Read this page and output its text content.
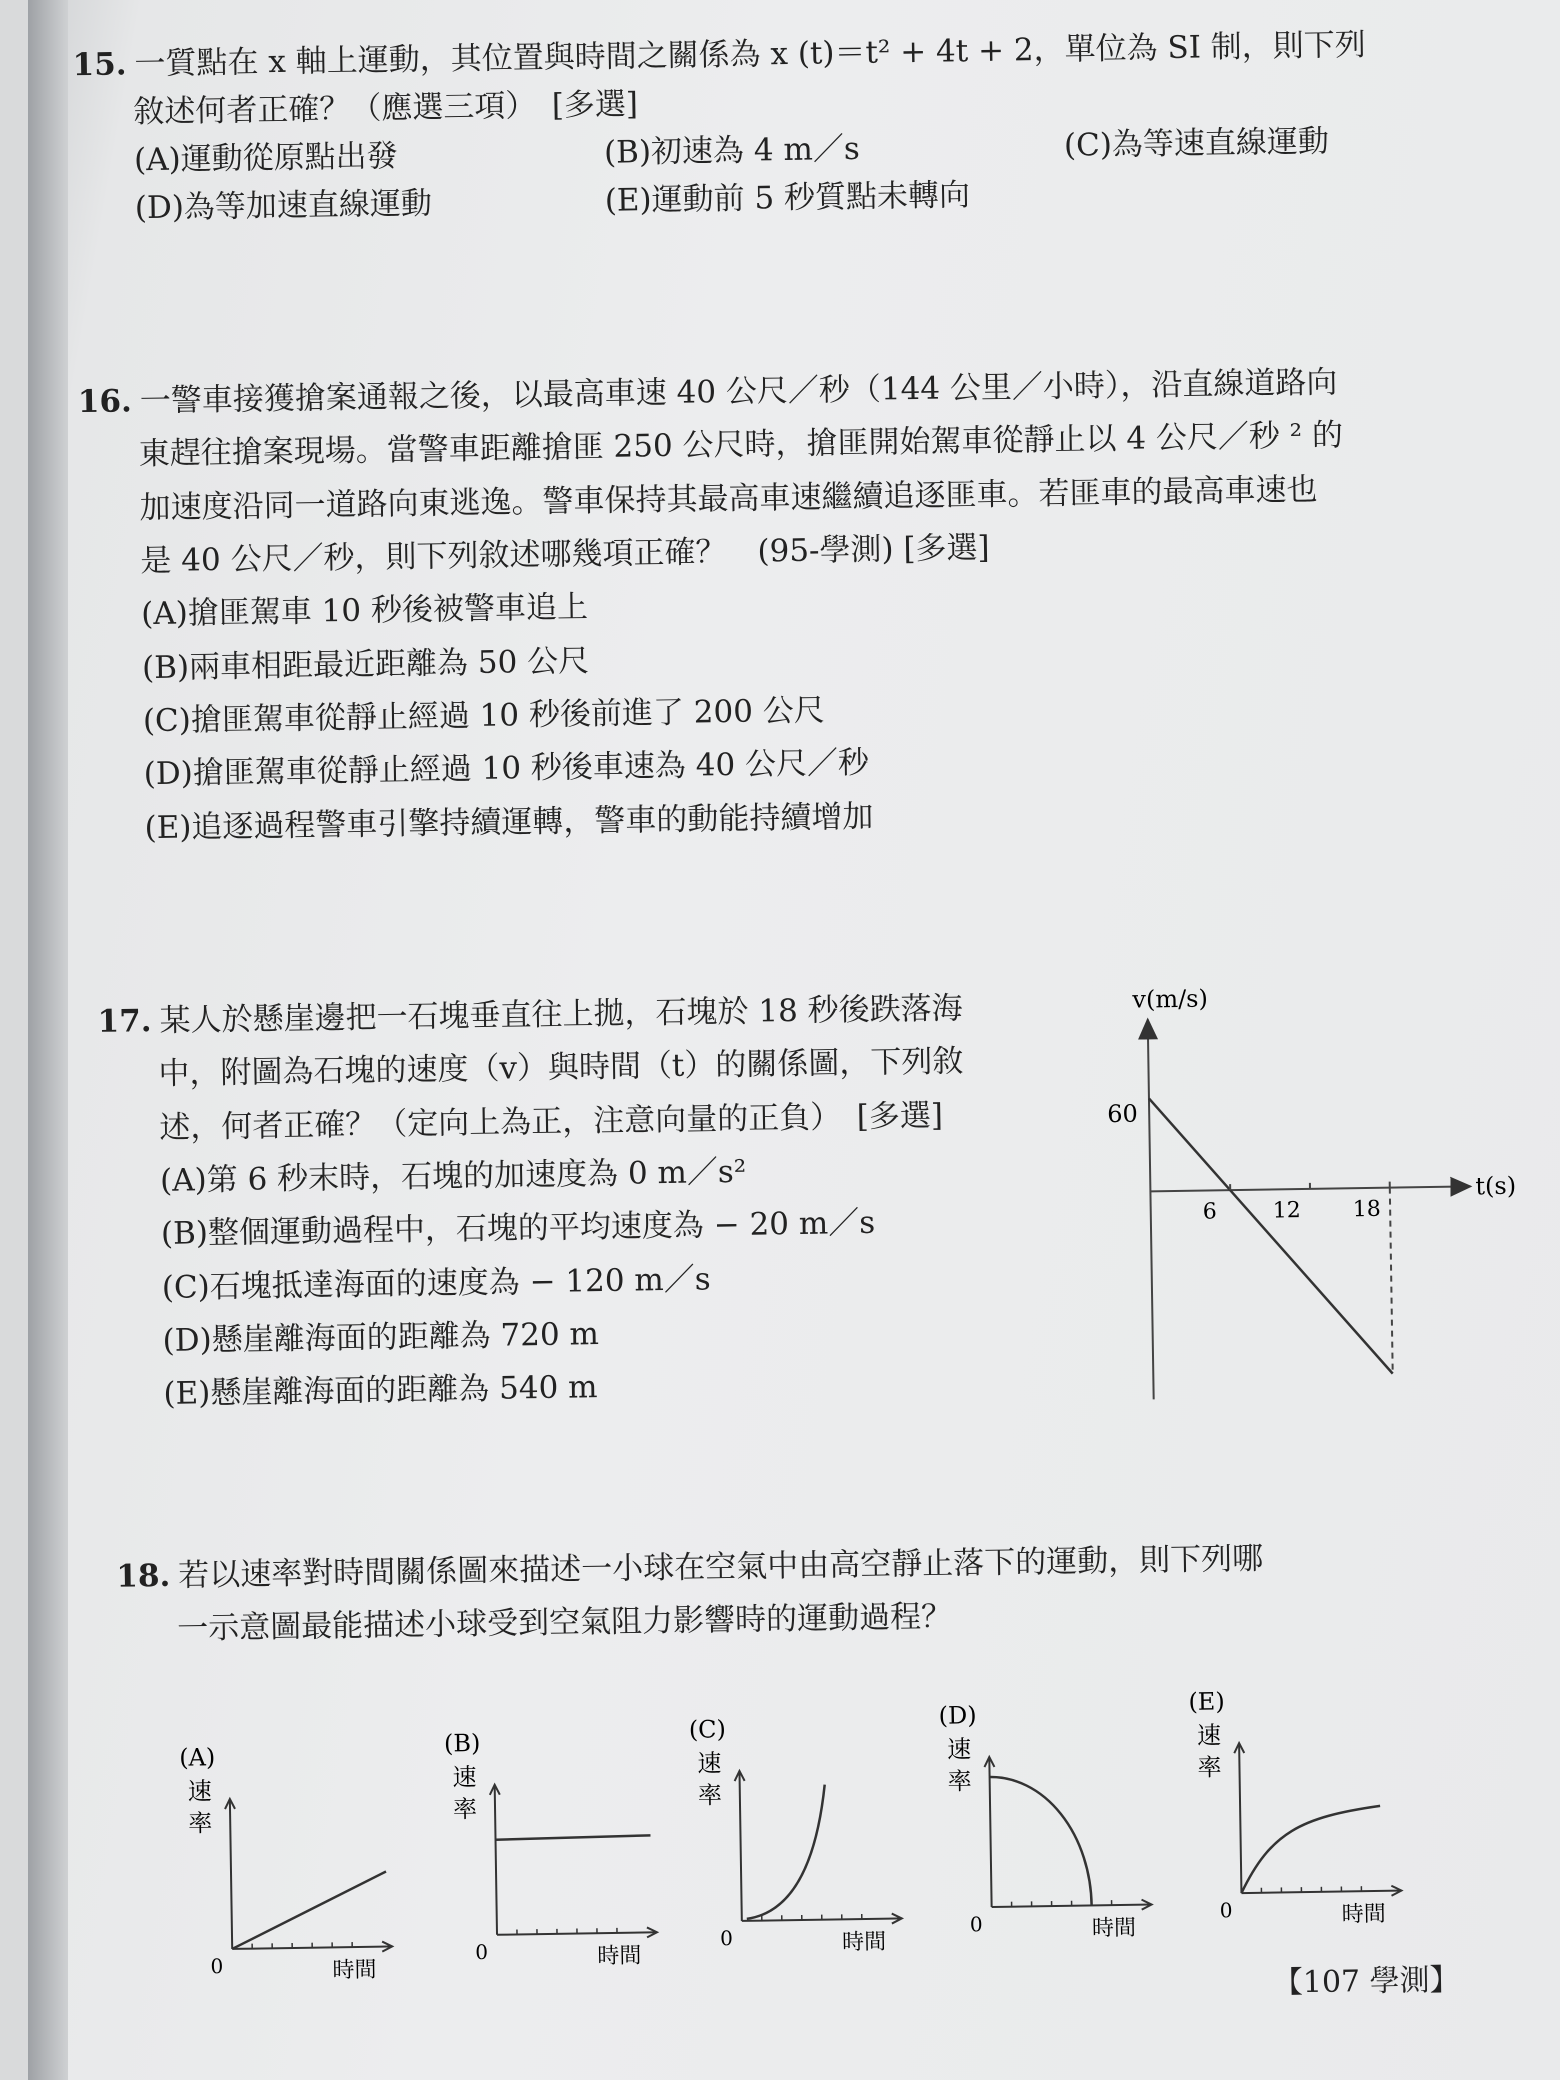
15. 一質點在 x 軸上運動，其位置與時間之關係為 x (t)＝t² + 4t + 2，單位為 SI 制，則下列
敘述何者正確？（應選三項）　[多選]
(A)運動從原點出發	(B)初速為 4 m／s	(C)為等速直線運動
(D)為等加速直線運動	(E)運動前 5 秒質點未轉向
16. 一警車接獲搶案通報之後，以最高車速 40 公尺／秒（144 公里／小時），沿直線道路向
東趕往搶案現場。當警車距離搶匪 250 公尺時，搶匪開始駕車從靜止以 4 公尺／秒 ² 的
加速度沿同一道路向東逃逸。警車保持其最高車速繼續追逐匪車。若匪車的最高車速也
是 40 公尺／秒，則下列敘述哪幾項正確？　(95-學測) [多選]
(A)搶匪駕車 10 秒後被警車追上
(B)兩車相距最近距離為 50 公尺
(C)搶匪駕車從靜止經過 10 秒後前進了 200 公尺
(D)搶匪駕車從靜止經過 10 秒後車速為 40 公尺／秒
(E)追逐過程警車引擎持續運轉，警車的動能持續增加
17. 某人於懸崖邊把一石塊垂直往上拋，石塊於 18 秒後跌落海
中，附圖為石塊的速度（v）與時間（t）的關係圖，下列敘
述，何者正確？（定向上為正，注意向量的正負）　[多選]
(A)第 6 秒末時，石塊的加速度為 0 m／s²
(B)整個運動過程中，石塊的平均速度為 − 20 m／s
(C)石塊抵達海面的速度為 − 120 m／s
(D)懸崖離海面的距離為 720 m
(E)懸崖離海面的距離為 540 m
v(m/s)
t(s)
60
6	12 18
18. 若以速率對時間關係圖來描述一小球在空氣中由高空靜止落下的運動，則下列哪
一示意圖最能描述小球受到空氣阻力影響時的運動過程？
(A)
速
率
0	時間
(B)
速
率
0	時間
(C)
速
率
0	時間
(D)
速
率
0	時間
(E)
速
率
0	時間
【107 學測】
